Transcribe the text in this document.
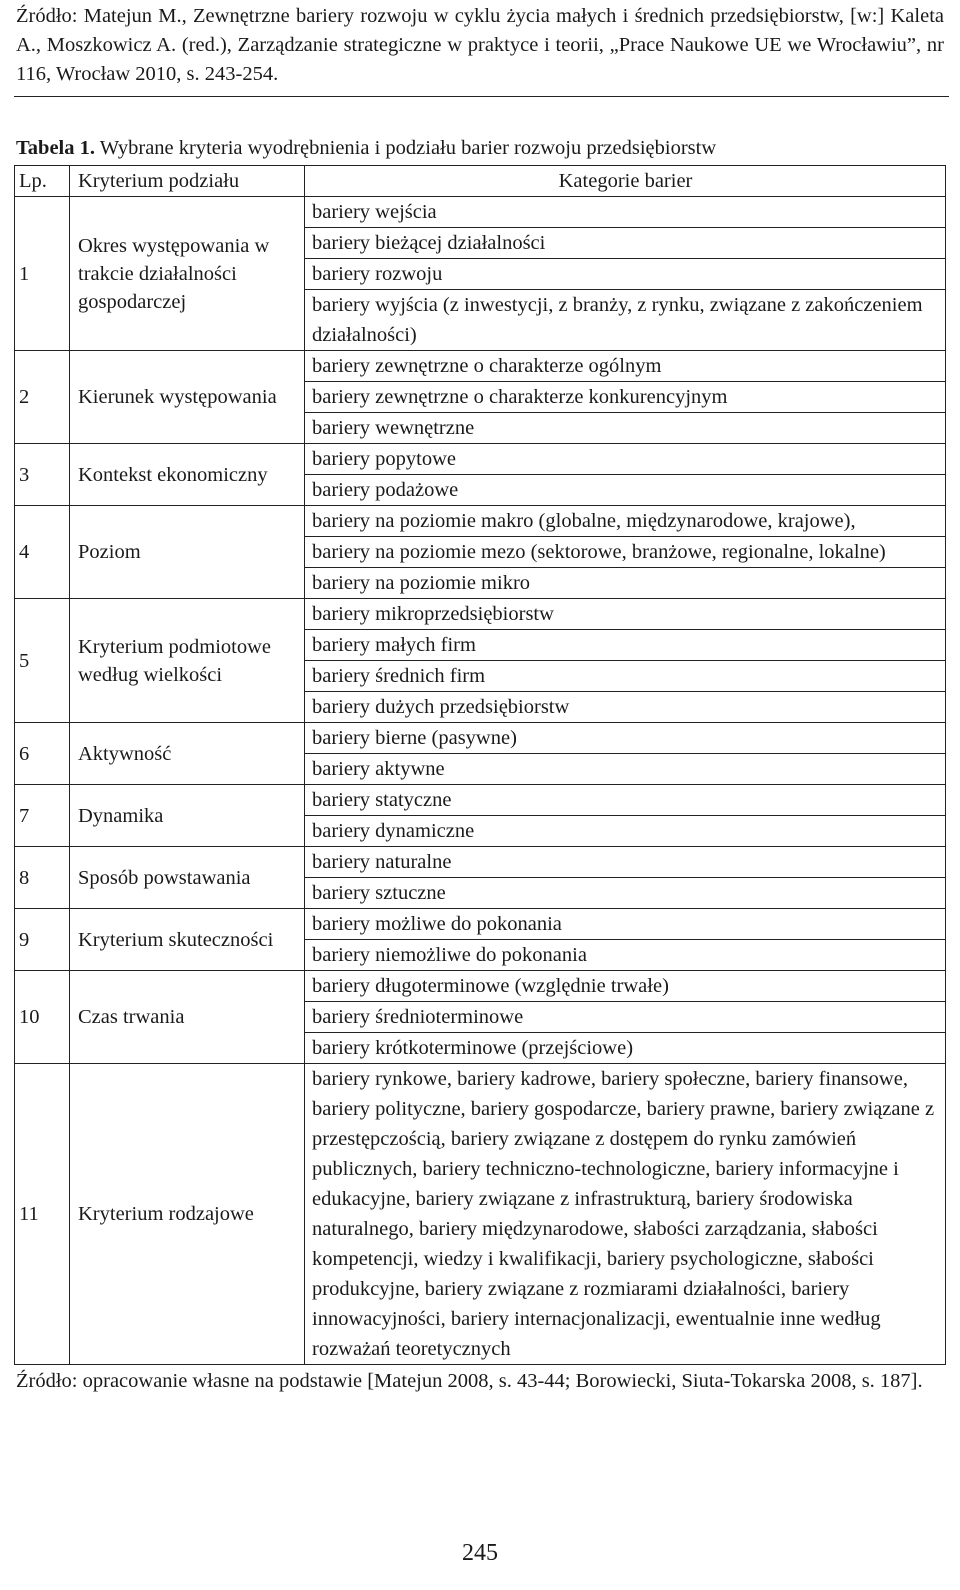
Źródło: Matejun M., Zewnętrzne bariery rozwoju w cyklu życia małych i średnich przedsiębiorstw, [w:] Kaleta A., Moszkowicz A. (red.), Zarządzanie strategiczne w praktyce i teorii, „Prace Naukowe UE we Wrocławiu”, nr 116, Wrocław 2010, s. 243-254.
Tabela 1. Wybrane kryteria wyodrębnienia i podziału barier rozwoju przedsiębiorstw
Lp.	Kryterium podziału	Kategorie barier
1	Okres występowania w trakcie działalności gospodarczej	bariery wejścia
		bariery bieżącej działalności
		bariery rozwoju
		bariery wyjścia (z inwestycji, z branży, z rynku, związane z zakończeniem działalności)
2	Kierunek występowania	bariery zewnętrzne o charakterze ogólnym
		bariery zewnętrzne o charakterze konkurencyjnym
		bariery wewnętrzne
3	Kontekst ekonomiczny	bariery popytowe
		bariery podażowe
4	Poziom	bariery na poziomie makro (globalne, międzynarodowe, krajowe),
		bariery na poziomie mezo (sektorowe, branżowe, regionalne, lokalne)
		bariery na poziomie mikro
5	Kryterium podmiotowe według wielkości	bariery mikroprzedsiębiorstw
		bariery małych firm
		bariery średnich firm
		bariery dużych przedsiębiorstw
6	Aktywność	bariery bierne (pasywne)
		bariery aktywne
7	Dynamika	bariery statyczne
		bariery dynamiczne
8	Sposób powstawania	bariery naturalne
		bariery sztuczne
9	Kryterium skuteczności	bariery możliwe do pokonania
		bariery niemożliwe do pokonania
10	Czas trwania	bariery długoterminowe (względnie trwałe)
		bariery średnioterminowe
		bariery krótkoterminowe (przejściowe)
11	Kryterium rodzajowe	bariery rynkowe, bariery kadrowe, bariery społeczne, bariery finansowe, bariery polityczne, bariery gospodarcze, bariery prawne, bariery związane z przestępczością, bariery związane z dostępem do rynku zamówień publicznych, bariery techniczno-technologiczne, bariery informacyjne i edukacyjne, bariery związane z infrastrukturą, bariery środowiska naturalnego, bariery międzynarodowe, słabości zarządzania, słabości kompetencji, wiedzy i kwalifikacji, bariery psychologiczne, słabości produkcyjne, bariery związane z rozmiarami działalności, bariery innowacyjności, bariery internacjonalizacji, ewentualnie inne według rozważań teoretycznych
Źródło: opracowanie własne na podstawie [Matejun 2008, s. 43-44; Borowiecki, Siuta-Tokarska 2008, s. 187].
245
